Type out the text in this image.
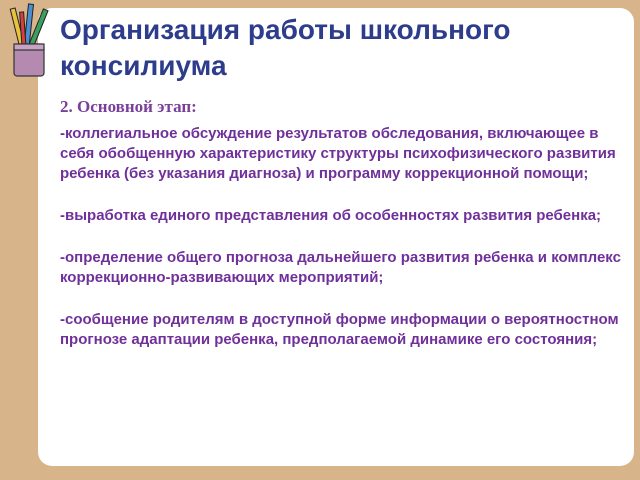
Организация работы школьного консилиума
2. Основной этап:
-коллегиальное обсуждение результатов обследования, включающее в себя обобщенную характеристику структуры психофизического развития ребенка (без указания диагноза) и программу коррекционной помощи;
-выработка единого представления об особенностях развития ребенка;
-определение общего прогноза дальнейшего развития ребенка и комплекс коррекционно-развивающих мероприятий;
-сообщение родителям в доступной форме информации о вероятностном прогнозе адаптации ребенка, предполагаемой динамике его состояния;
